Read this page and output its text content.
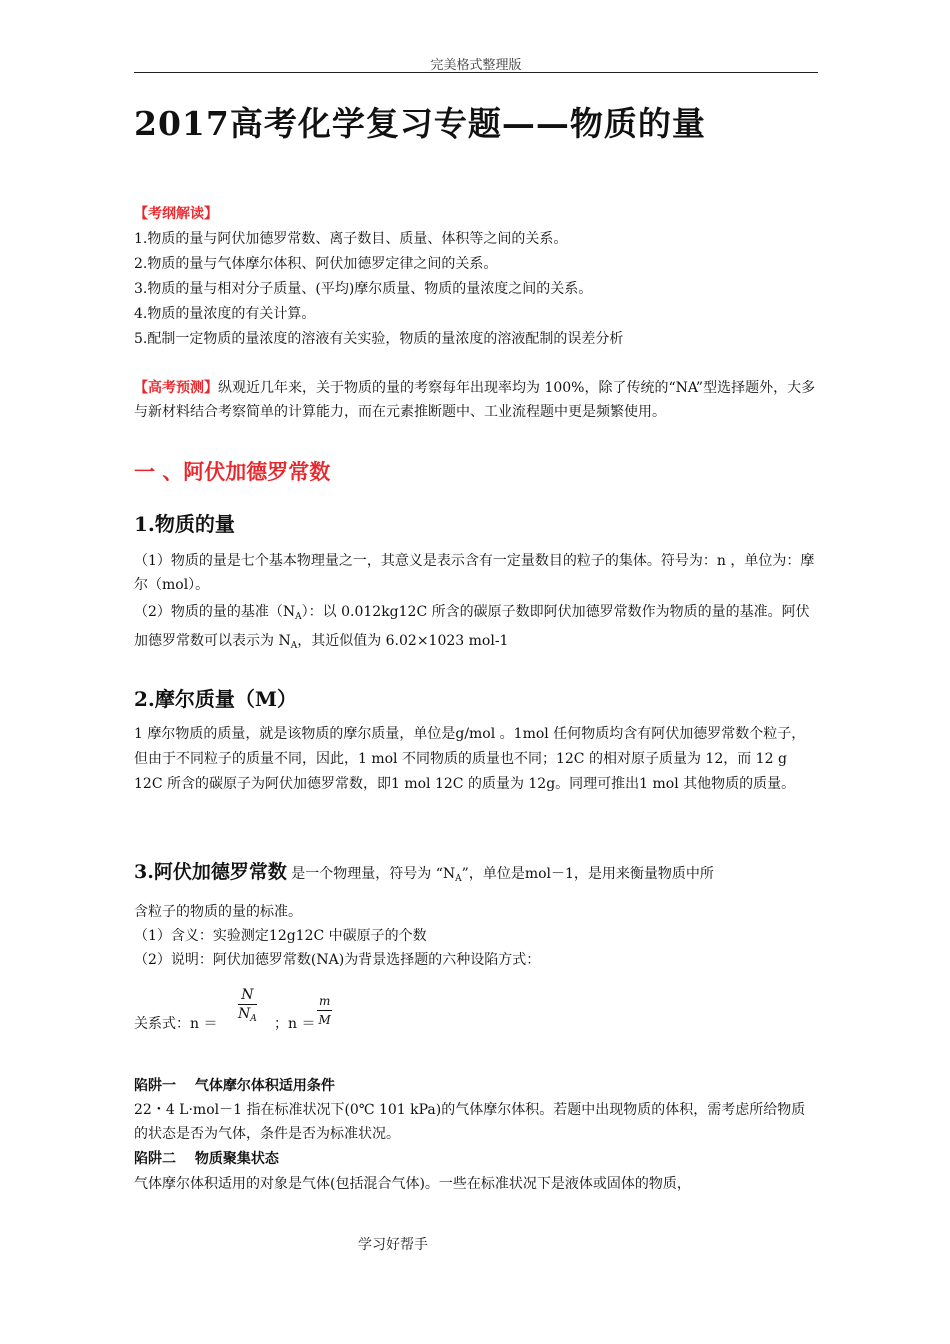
完美格式整理版
2017高考化学复习专题——物质的量
【考纲解读】
1.物质的量与阿伏加德罗常数、离子数目、质量、体积等之间的关系。
2.物质的量与气体摩尔体积、阿伏加德罗定律之间的关系。
3.物质的量与相对分子质量、(平均)摩尔质量、物质的量浓度之间的关系。
4.物质的量浓度的有关计算。
5.配制一定物质的量浓度的溶液有关实验，物质的量浓度的溶液配制的误差分析
【高考预测】纵观近几年来，关于物质的量的考察每年出现率均为 100%，除了传统的“NA”型选择题外，大多与新材料结合考察简单的计算能力，而在元素推断题中、工业流程题中更是频繁使用。
一 、阿伏加德罗常数
1.物质的量
（1）物质的量是七个基本物理量之一，其意义是表示含有一定量数目的粒子的集体。符号为：n ，单位为：摩尔（mol）。
（2）物质的量的基准$(N_A)$：以 0.012kg12C 所含的碳原子数即阿伏加德罗常数作为物质的量的基准。阿伏加德罗常数可以表示为 $N_A$，其近似值为 6.02×1023 mol-1
2.摩尔质量（M）
1 摩尔物质的质量，就是该物质的摩尔质量，单位是g/mol 。1mol 任何物质均含有阿伏加德罗常数个粒子，但由于不同粒子的质量不同，因此，1 mol 不同物质的质量也不同；12C 的相对原子质量为 12，而 12 g 12C 所含的碳原子为阿伏加德罗常数，即1 mol 12C 的质量为 12g。同理可推出1 mol 其他物质的质量。
3.阿伏加德罗常数 是一个物理量，符号为 “$N_A$”，单位是mol－1，是用来衡量物质中所
含粒子的物质的量的标准。
（1）含义：实验测定12g12C 中碳原子的个数
（2）说明：阿伏加德罗常数(NA)为背景选择题的六种设陷方式：
关系式：$n = \frac{N}{N_A}$ ；$n = \frac{m}{M}$
陷阱一　 气体摩尔体积适用条件
22・4 L·mol－1 指在标准状况下(0℃ 101 kPa)的气体摩尔体积。若题中出现物质的体积，需考虑所给物质的状态是否为气体，条件是否为标准状况。
陷阱二　 物质聚集状态
气体摩尔体积适用的对象是气体(包括混合气体)。一些在标准状况下是液体或固体的物质，
学习好帮手
